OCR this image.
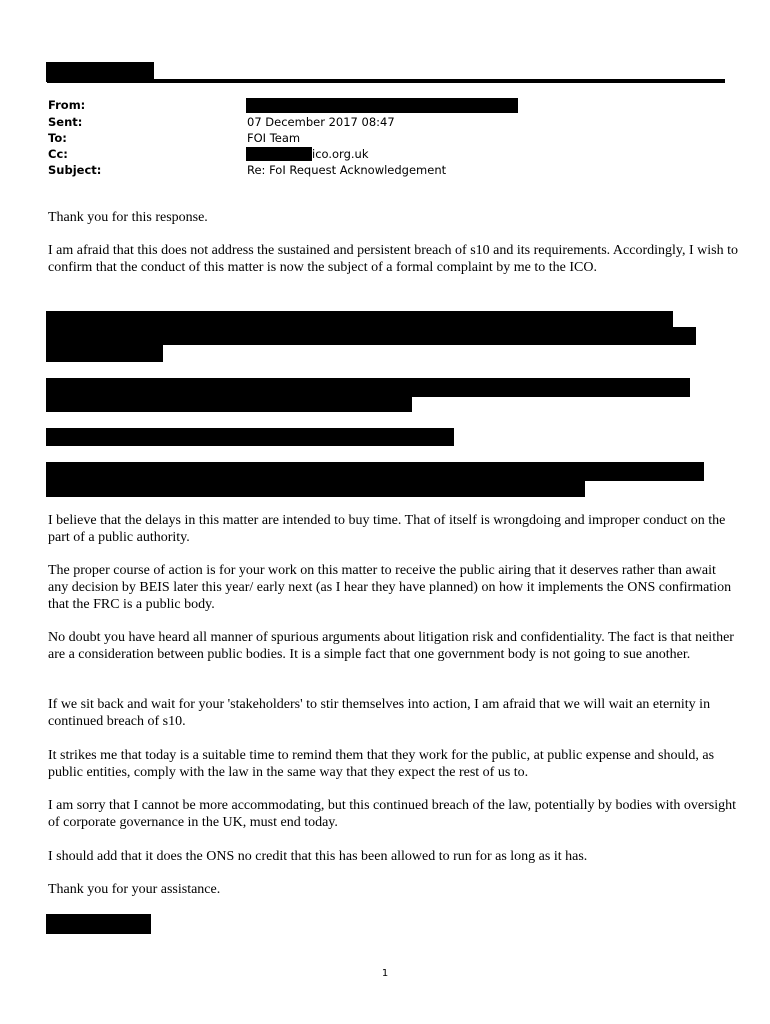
From:
Sent:	07 December 2017 08:47
To:	FOI Team
Cc:	ico.org.uk
Subject:	Re: FoI Request Acknowledgement

Thank you for this response.

I am afraid that this does not address the sustained and persistent breach of s10 and its requirements. Accordingly, I wish to confirm that the conduct of this matter is now the subject of a formal complaint by me to the ICO.

I believe that the delays in this matter are intended to buy time. That of itself is wrongdoing and improper conduct on the part of a public authority.

The proper course of action is for your work on this matter to receive the public airing that it deserves rather than await any decision by BEIS later this year/ early next (as I hear they have planned) on how it implements the ONS confirmation that the FRC is a public body.

No doubt you have heard all manner of spurious arguments about litigation risk and confidentiality. The fact is that neither are a consideration between public bodies. It is a simple fact that one government body is not going to sue another.

If we sit back and wait for your 'stakeholders' to stir themselves into action, I am afraid that we will wait an eternity in continued breach of s10.

It strikes me that today is a suitable time to remind them that they work for the public, at public expense and should, as public entities, comply with the law in the same way that they expect the rest of us to.

I am sorry that I cannot be more accommodating, but this continued breach of the law, potentially by bodies with oversight of corporate governance in the UK, must end today.

I should add that it does the ONS no credit that this has been allowed to run for as long as it has.

Thank you for your assistance.

1
